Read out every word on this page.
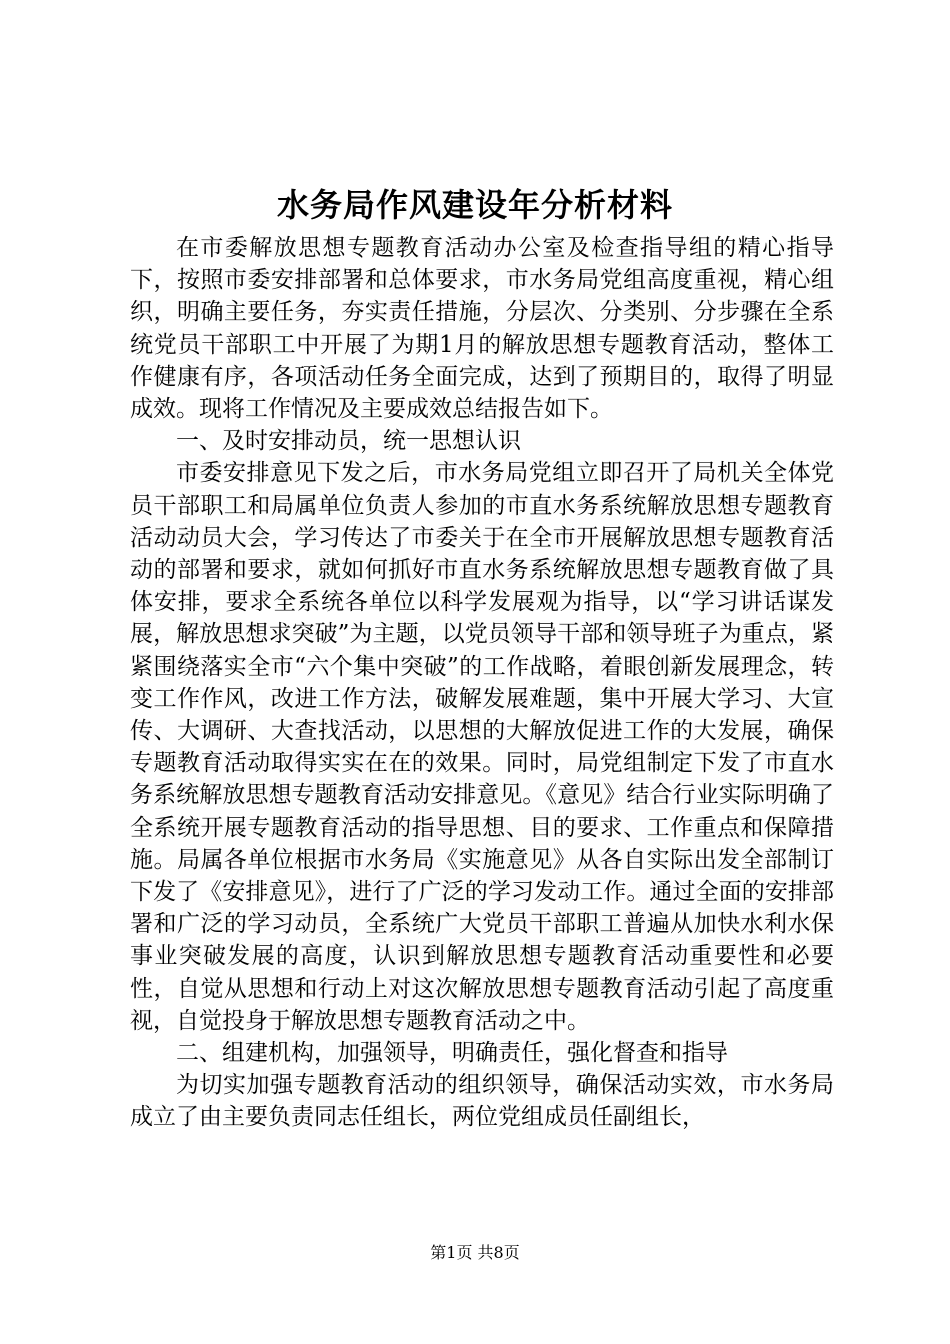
水务局作风建设年分析材料

在市委解放思想专题教育活动办公室及检查指导组的精心指导下，按照市委安排部署和总体要求，市水务局党组高度重视，精心组织，明确主要任务，夯实责任措施，分层次、分类别、分步骤在全系统党员干部职工中开展了为期1月的解放思想专题教育活动，整体工作健康有序，各项活动任务全面完成，达到了预期目的，取得了明显成效。现将工作情况及主要成效总结报告如下。

一、及时安排动员，统一思想认识

市委安排意见下发之后，市水务局党组立即召开了局机关全体党员干部职工和局属单位负责人参加的市直水务系统解放思想专题教育活动动员大会，学习传达了市委关于在全市开展解放思想专题教育活动的部署和要求，就如何抓好市直水务系统解放思想专题教育做了具体安排，要求全系统各单位以科学发展观为指导，以“学习讲话谋发展，解放思想求突破”为主题，以党员领导干部和领导班子为重点，紧紧围绕落实全市“六个集中突破”的工作战略，着眼创新发展理念，转变工作作风，改进工作方法，破解发展难题，集中开展大学习、大宣传、大调研、大查找活动，以思想的大解放促进工作的大发展，确保专题教育活动取得实实在在的效果。同时，局党组制定下发了市直水务系统解放思想专题教育活动安排意见。《意见》结合行业实际明确了全系统开展专题教育活动的指导思想、目的要求、工作重点和保障措施。局属各单位根据市水务局《实施意见》从各自实际出发全部制订下发了《安排意见》，进行了广泛的学习发动工作。通过全面的安排部署和广泛的学习动员，全系统广大党员干部职工普遍从加快水利水保事业突破发展的高度，认识到解放思想专题教育活动重要性和必要性，自觉从思想和行动上对这次解放思想专题教育活动引起了高度重视，自觉投身于解放思想专题教育活动之中。

二、组建机构，加强领导，明确责任，强化督查和指导

为切实加强专题教育活动的组织领导，确保活动实效，市水务局成立了由主要负责同志任组长，两位党组成员任副组长，

第1页 共8页
